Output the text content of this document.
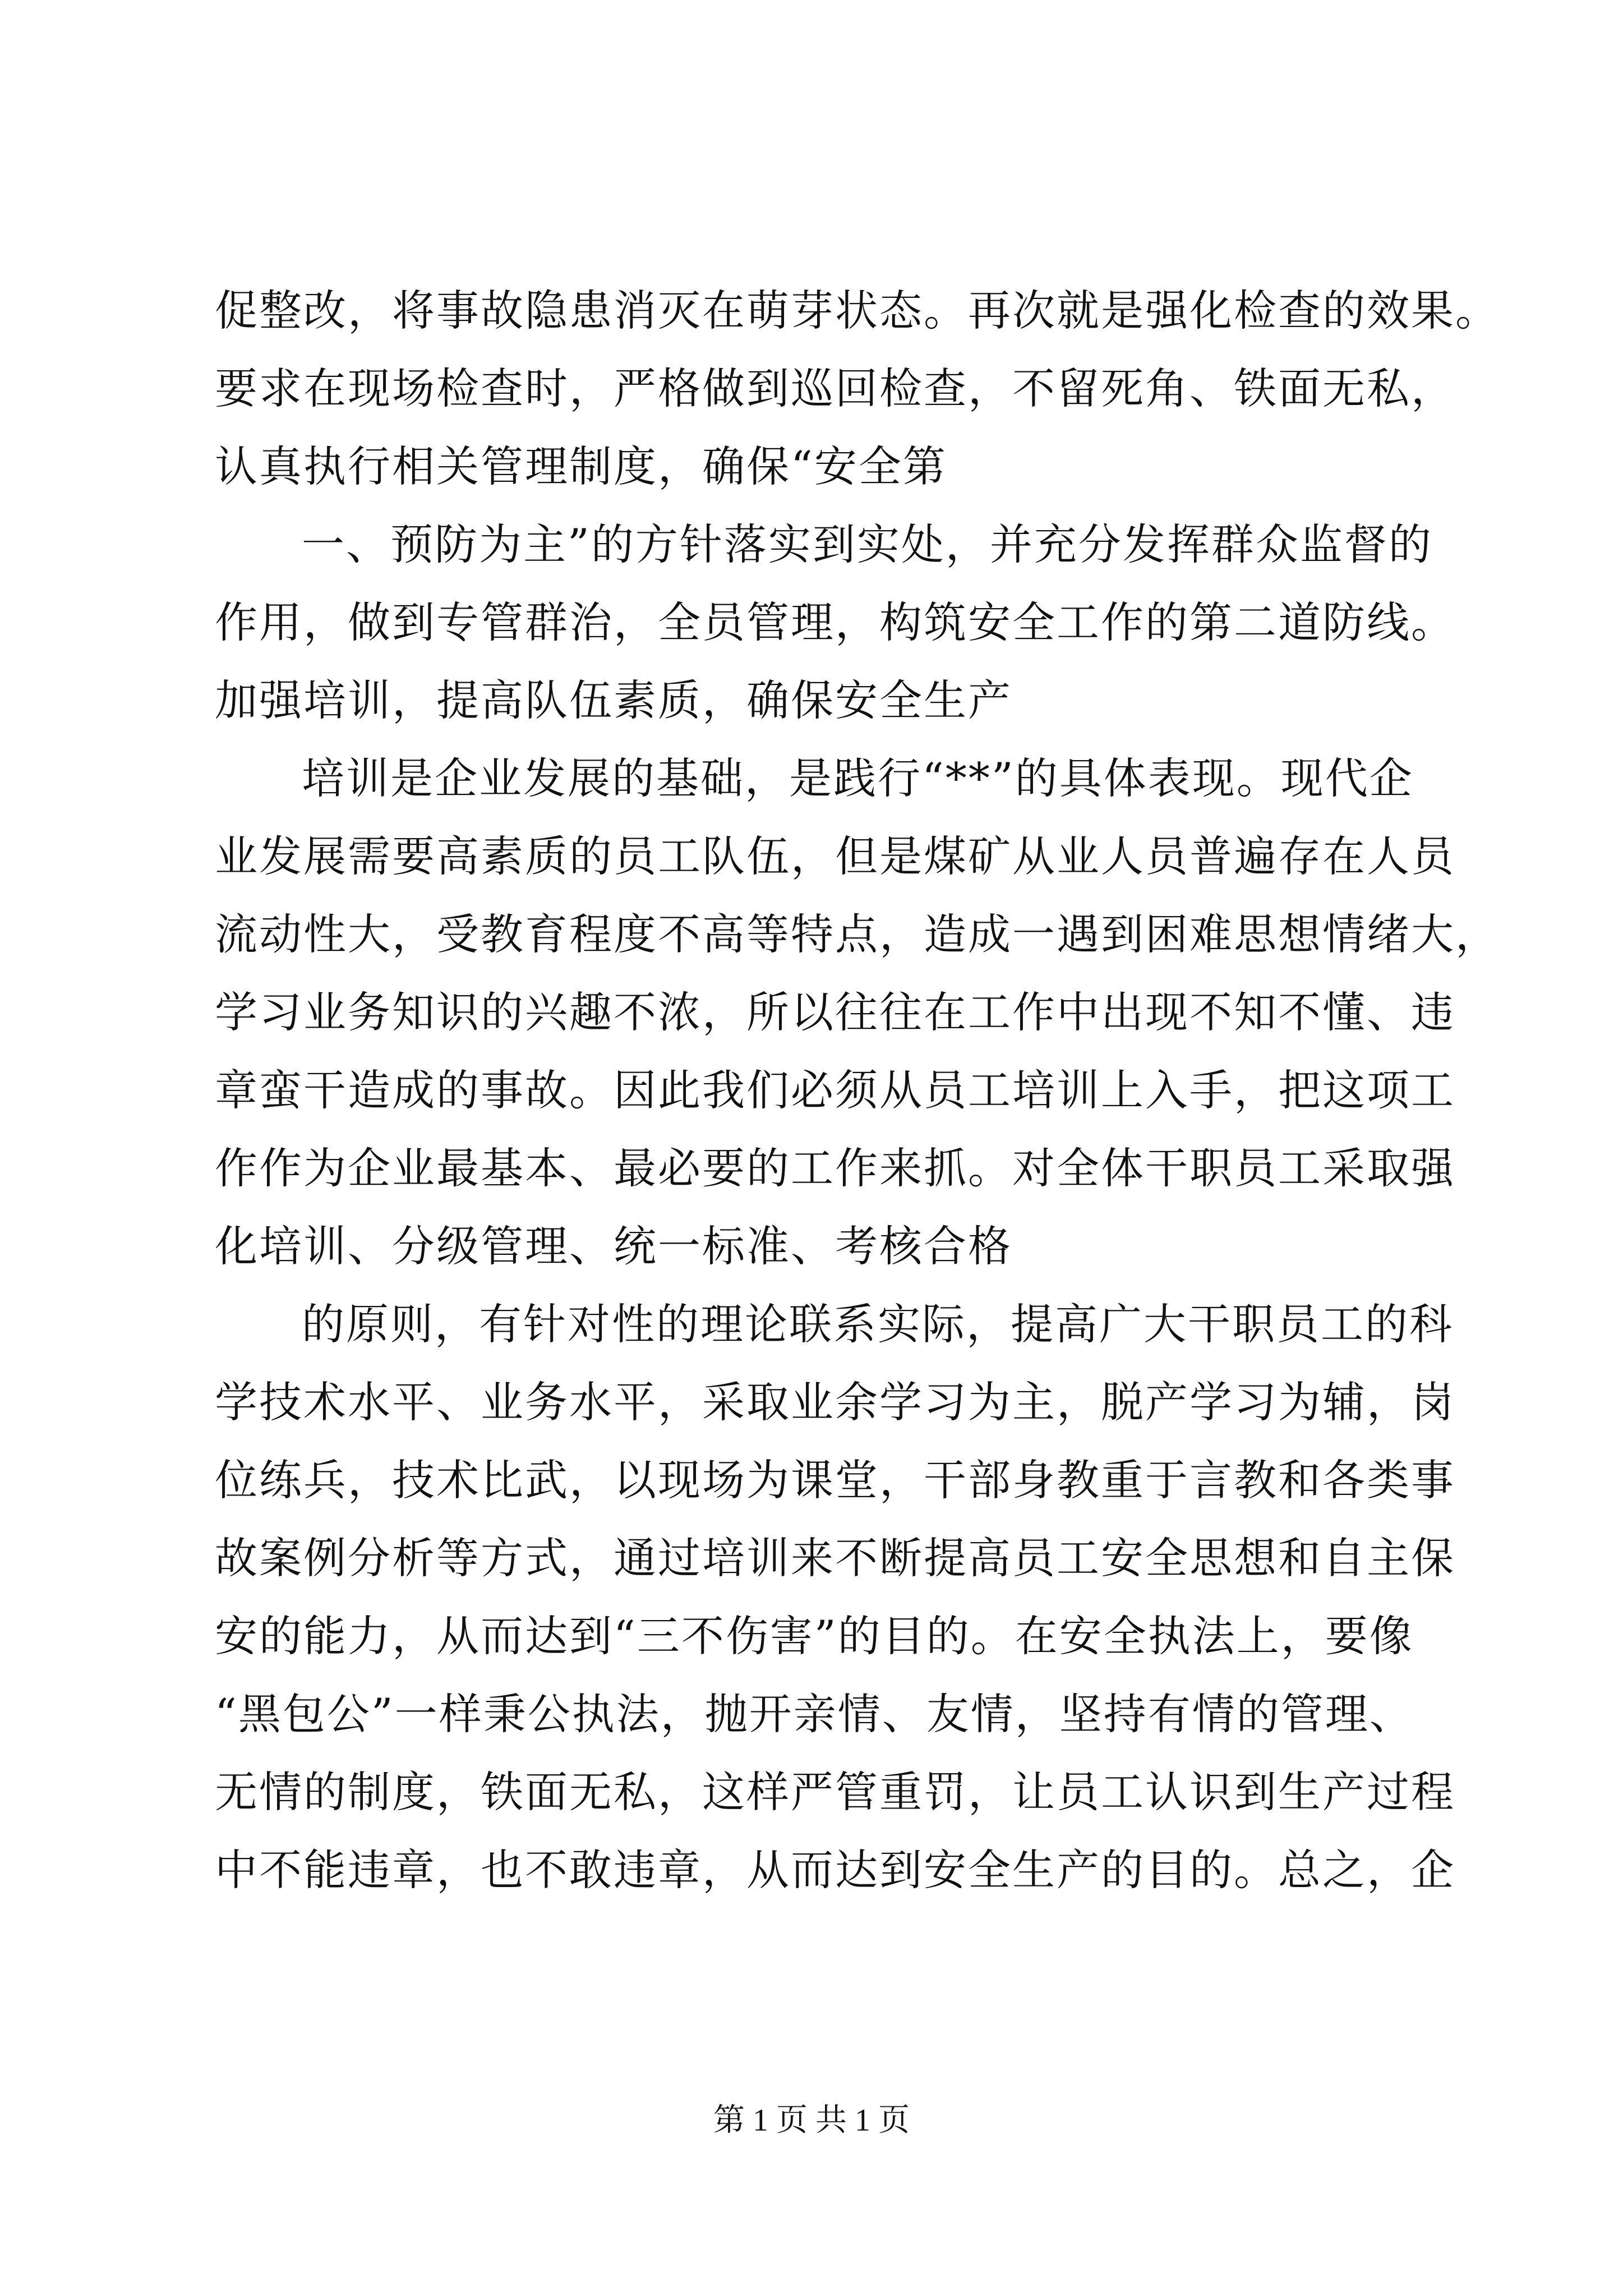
促整改，将事故隐患消灭在萌芽状态。再次就是强化检查的效果。

要求在现场检查时，严格做到巡回检查，不留死角、铁面无私，

认真执行相关管理制度，确保“安全第

一、预防为主”的方针落实到实处，并充分发挥群众监督的

作用，做到专管群治，全员管理，构筑安全工作的第二道防线。

加强培训，提高队伍素质，确保安全生产

培训是企业发展的基础，是践行“**”的具体表现。现代企

业发展需要高素质的员工队伍，但是煤矿从业人员普遍存在人员

流动性大，受教育程度不高等特点，造成一遇到困难思想情绪大，

学习业务知识的兴趣不浓，所以往往在工作中出现不知不懂、违

章蛮干造成的事故。因此我们必须从员工培训上入手，把这项工

作作为企业最基本、最必要的工作来抓。对全体干职员工采取强

化培训、分级管理、统一标准、考核合格

的原则，有针对性的理论联系实际，提高广大干职员工的科

学技术水平、业务水平，采取业余学习为主，脱产学习为辅，岗

位练兵，技术比武，以现场为课堂，干部身教重于言教和各类事

故案例分析等方式，通过培训来不断提高员工安全思想和自主保

安的能力，从而达到“三不伤害”的目的。在安全执法上，要像

“黑包公”一样秉公执法，抛开亲情、友情，坚持有情的管理、

无情的制度，铁面无私，这样严管重罚，让员工认识到生产过程

中不能违章，也不敢违章，从而达到安全生产的目的。总之，企

第 1 页 共 1 页
